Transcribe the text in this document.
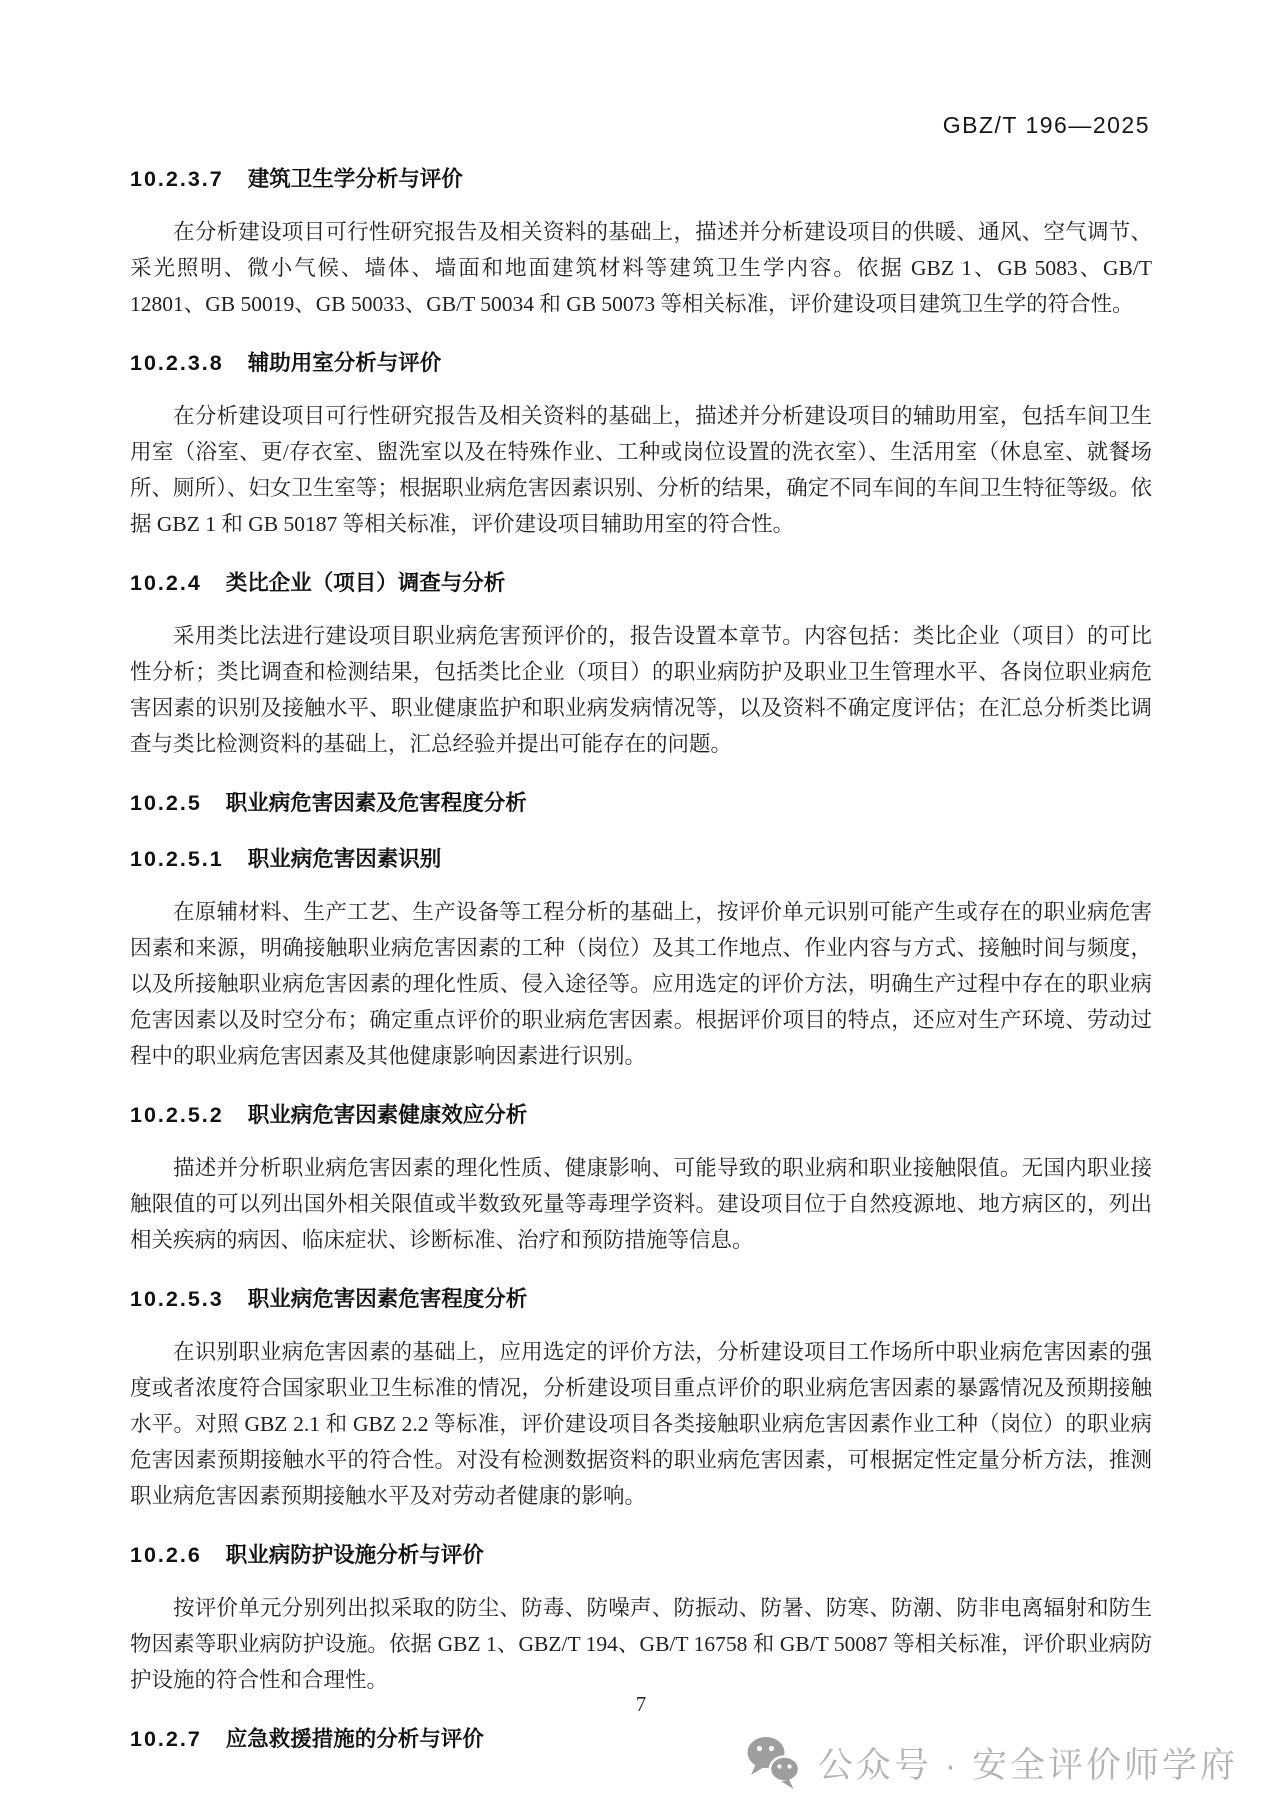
GBZ/T 196—2025
10.2.3.7 建筑卫生学分析与评价

在分析建设项目可行性研究报告及相关资料的基础上，描述并分析建设项目的供暖、通风、空气调节、采光照明、微小气候、墙体、墙面和地面建筑材料等建筑卫生学内容。依据 GBZ 1、GB 5083、GB/T 12801、GB 50019、GB 50033、GB/T 50034 和 GB 50073 等相关标准，评价建设项目建筑卫生学的符合性。

10.2.3.8 辅助用室分析与评价

在分析建设项目可行性研究报告及相关资料的基础上，描述并分析建设项目的辅助用室，包括车间卫生用室（浴室、更/存衣室、盥洗室以及在特殊作业、工种或岗位设置的洗衣室）、生活用室（休息室、就餐场所、厕所）、妇女卫生室等；根据职业病危害因素识别、分析的结果，确定不同车间的车间卫生特征等级。依据 GBZ 1 和 GB 50187 等相关标准，评价建设项目辅助用室的符合性。

10.2.4 类比企业（项目）调查与分析

采用类比法进行建设项目职业病危害预评价的，报告设置本章节。内容包括：类比企业（项目）的可比性分析；类比调查和检测结果，包括类比企业（项目）的职业病防护及职业卫生管理水平、各岗位职业病危害因素的识别及接触水平、职业健康监护和职业病发病情况等，以及资料不确定度评估；在汇总分析类比调查与类比检测资料的基础上，汇总经验并提出可能存在的问题。

10.2.5 职业病危害因素及危害程度分析
10.2.5.1 职业病危害因素识别

在原辅材料、生产工艺、生产设备等工程分析的基础上，按评价单元识别可能产生或存在的职业病危害因素和来源，明确接触职业病危害因素的工种（岗位）及其工作地点、作业内容与方式、接触时间与频度，以及所接触职业病危害因素的理化性质、侵入途径等。应用选定的评价方法，明确生产过程中存在的职业病危害因素以及时空分布；确定重点评价的职业病危害因素。根据评价项目的特点，还应对生产环境、劳动过程中的职业病危害因素及其他健康影响因素进行识别。

10.2.5.2 职业病危害因素健康效应分析

描述并分析职业病危害因素的理化性质、健康影响、可能导致的职业病和职业接触限值。无国内职业接触限值的可以列出国外相关限值或半数致死量等毒理学资料。建设项目位于自然疫源地、地方病区的，列出相关疾病的病因、临床症状、诊断标准、治疗和预防措施等信息。

10.2.5.3 职业病危害因素危害程度分析

在识别职业病危害因素的基础上，应用选定的评价方法，分析建设项目工作场所中职业病危害因素的强度或者浓度符合国家职业卫生标准的情况，分析建设项目重点评价的职业病危害因素的暴露情况及预期接触水平。对照 GBZ 2.1 和 GBZ 2.2 等标准，评价建设项目各类接触职业病危害因素作业工种（岗位）的职业病危害因素预期接触水平的符合性。对没有检测数据资料的职业病危害因素，可根据定性定量分析方法，推测职业病危害因素预期接触水平及对劳动者健康的影响。

10.2.6 职业病防护设施分析与评价

按评价单元分别列出拟采取的防尘、防毒、防噪声、防振动、防暑、防寒、防潮、防非电离辐射和防生物因素等职业病防护设施。依据 GBZ 1、GBZ/T 194、GB/T 16758 和 GB/T 50087 等相关标准，评价职业病防护设施的符合性和合理性。

10.2.7 应急救援措施的分析与评价
7
公众号 · 安全评价师学府
